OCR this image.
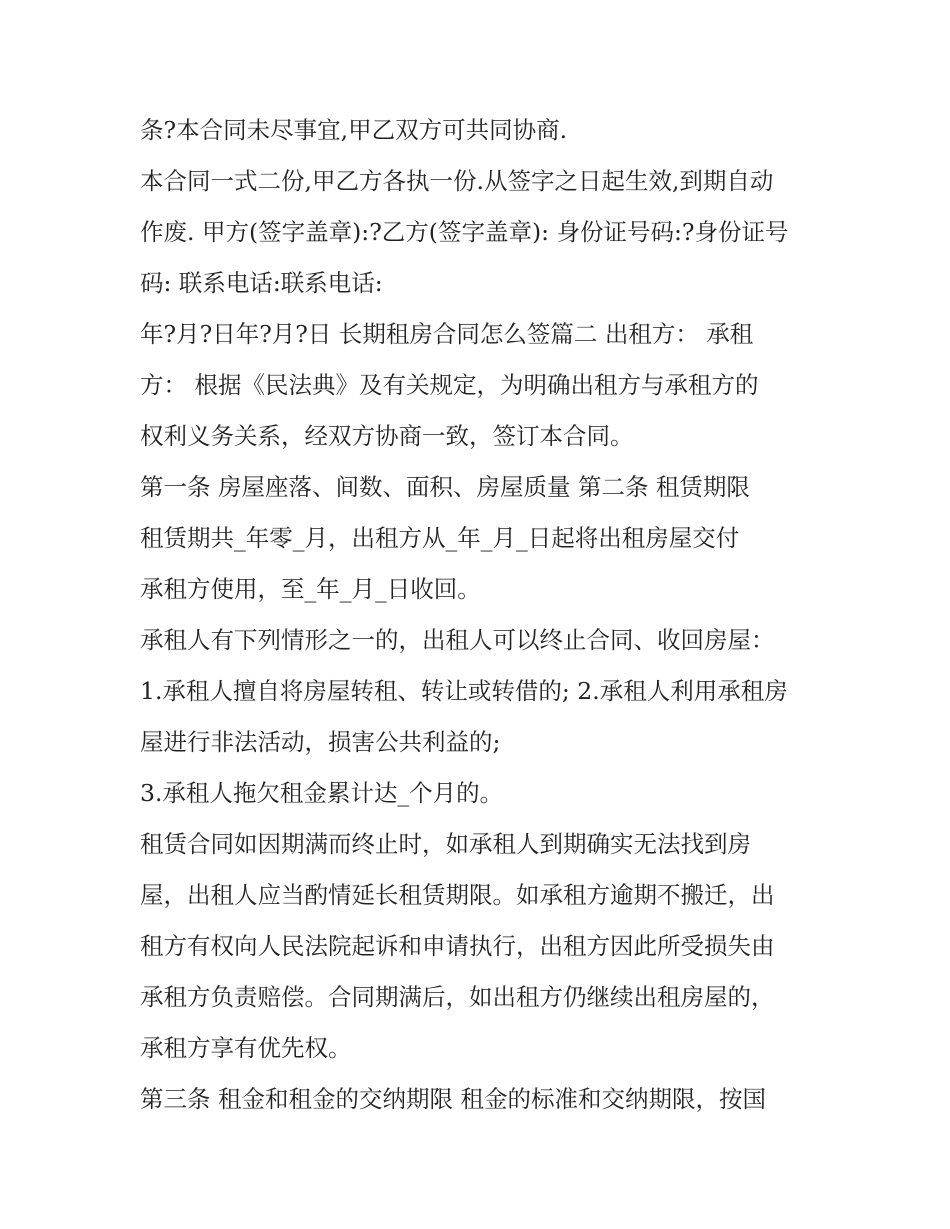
条?本合同未尽事宜,甲乙双方可共同协商.
本合同一式二份,甲乙方各执一份.从签字之日起生效,到期自动
作废. 甲方(签字盖章):?乙方(签字盖章): 身份证号码:?身份证号
码: 联系电话:联系电话:
年?月?日年?月?日 长期租房合同怎么签篇二 出租方： 承租
方： 根据《民法典》及有关规定，为明确出租方与承租方的
权利义务关系，经双方协商一致，签订本合同。
第一条 房屋座落、间数、面积、房屋质量 第二条 租赁期限
租赁期共_年零_月，出租方从_年_月_日起将出租房屋交付
承租方使用，至_年_月_日收回。
承租人有下列情形之一的，出租人可以终止合同、收回房屋：
1.承租人擅自将房屋转租、转让或转借的; 2.承租人利用承租房
屋进行非法活动，损害公共利益的;
3.承租人拖欠租金累计达_个月的。
租赁合同如因期满而终止时，如承租人到期确实无法找到房
屋，出租人应当酌情延长租赁期限。如承租方逾期不搬迁，出
租方有权向人民法院起诉和申请执行，出租方因此所受损失由
承租方负责赔偿。合同期满后，如出租方仍继续出租房屋的，
承租方享有优先权。
第三条 租金和租金的交纳期限 租金的标准和交纳期限，按国
